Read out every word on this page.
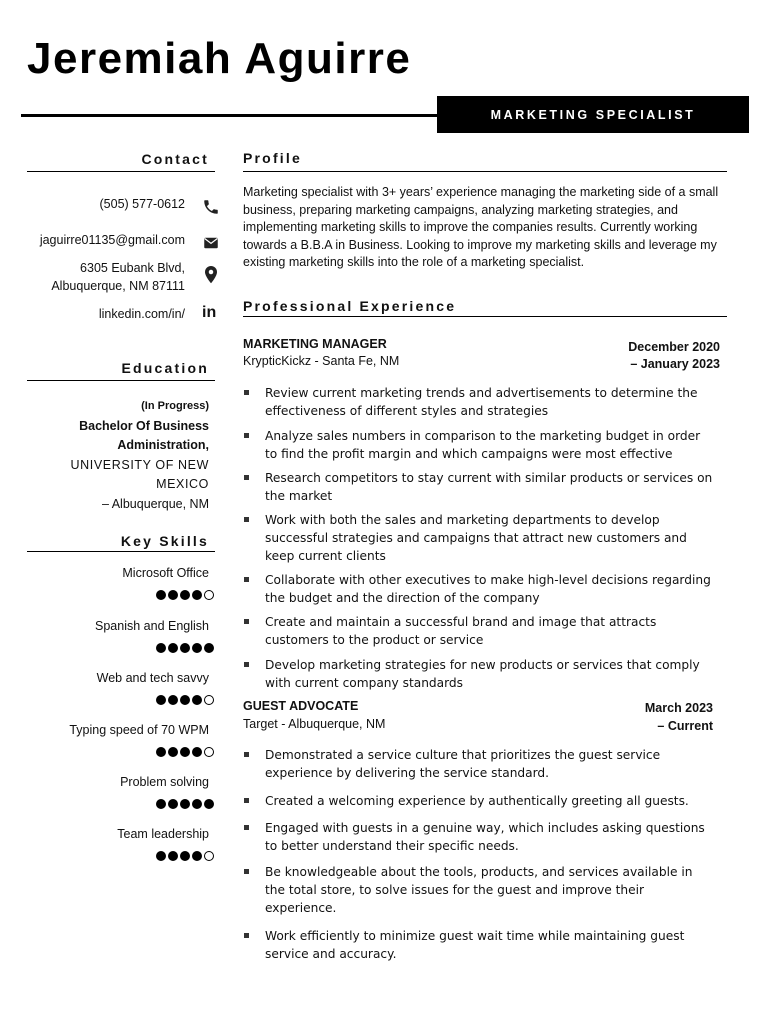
Jeremiah Aguirre
MARKETING SPECIALIST
Contact
(505) 577-0612
jaguirre01135@gmail.com
6305 Eubank Blvd,
Albuquerque, NM 87111
linkedin.com/in/ in
Education
(In Progress)
Bachelor Of Business
Administration,
UNIVERSITY OF NEW MEXICO
– Albuquerque, NM
Key Skills
Microsoft Office
Spanish and English
Web and tech savvy
Typing speed of 70 WPM
Problem solving
Team leadership
Profile
Marketing specialist with 3+ years’ experience managing the marketing side of a small business, preparing marketing campaigns, analyzing marketing strategies, and implementing marketing skills to improve the companies results. Currently working towards a B.B.A in Business. Looking to improve my marketing skills and leverage my existing marketing skills into the role of a marketing specialist.
Professional Experience
MARKETING MANAGER
KrypticKickz - Santa Fe, NM
December 2020
– January 2023
Review current marketing trends and advertisements to determine the effectiveness of different styles and strategies
Analyze sales numbers in comparison to the marketing budget in order to find the profit margin and which campaigns were most effective
Research competitors to stay current with similar products or services on the market
Work with both the sales and marketing departments to develop successful strategies and campaigns that attract new customers and keep current clients
Collaborate with other executives to make high-level decisions regarding the budget and the direction of the company
Create and maintain a successful brand and image that attracts customers to the product or service
Develop marketing strategies for new products or services that comply with current company standards
GUEST ADVOCATE
Target - Albuquerque, NM
March 2023
– Current
Demonstrated a service culture that prioritizes the guest service experience by delivering the service standard.
Created a welcoming experience by authentically greeting all guests.
Engaged with guests in a genuine way, which includes asking questions to better understand their specific needs.
Be knowledgeable about the tools, products, and services available in the total store, to solve issues for the guest and improve their experience.
Work efficiently to minimize guest wait time while maintaining guest service and accuracy.
